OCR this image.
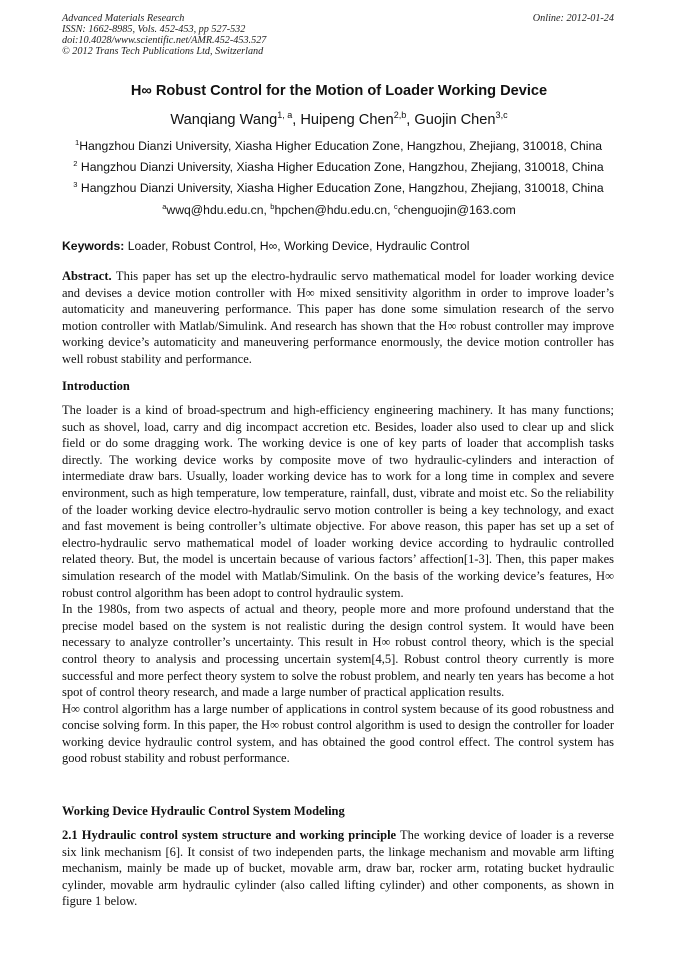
Advanced Materials Research
ISSN: 1662-8985, Vols. 452-453, pp 527-532
doi:10.4028/www.scientific.net/AMR.452-453.527
© 2012 Trans Tech Publications Ltd, Switzerland
Online: 2012-01-24
H∞ Robust Control for the Motion of Loader Working Device
Wanqiang Wang$^{1, a}$, Huipeng Chen$^{2,b}$, Guojin Chen$^{3,c}$
$^1$Hangzhou Dianzi University, Xiasha Higher Education Zone, Hangzhou, Zhejiang, 310018, China
$^2$ Hangzhou Dianzi University, Xiasha Higher Education Zone, Hangzhou, Zhejiang, 310018, China
$^3$ Hangzhou Dianzi University, Xiasha Higher Education Zone, Hangzhou, Zhejiang, 310018, China
$^a$wwq@hdu.edu.cn, $^b$hpchen@hdu.edu.cn, $^c$chenguojin@163.com
Keywords: Loader, Robust Control, H∞, Working Device, Hydraulic Control

Abstract. This paper has set up the electro-hydraulic servo mathematical model for loader working device and devises a device motion controller with H∞ mixed sensitivity algorithm in order to improve loader’s automaticity and maneuvering performance. This paper has done some simulation research of the servo motion controller with Matlab/Simulink. And research has shown that the H∞ robust controller may improve working device’s automaticity and maneuvering performance enormously, the device motion controller has well robust stability and performance.

Introduction

The loader is a kind of broad-spectrum and high-efficiency engineering machinery. It has many functions; such as shovel, load, carry and dig incompact accretion etc. Besides, loader also used to clear up and slick field or do some dragging work. The working device is one of key parts of loader that accomplish tasks directly. The working device works by composite move of two hydraulic-cylinders and interaction of intermediate draw bars. Usually, loader working device has to work for a long time in complex and severe environment, such as high temperature, low temperature, rainfall, dust, vibrate and moist etc. So the reliability of the loader working device electro-hydraulic servo motion controller is being a key technology, and exact and fast movement is being controller’s ultimate objective. For above reason, this paper has set up a set of electro-hydraulic servo mathematical model of loader working device according to hydraulic controlled related theory. But, the model is uncertain because of various factors’ affection[1-3]. Then, this paper makes simulation research of the model with Matlab/Simulink. On the basis of the working device’s features, H∞ robust control algorithm has been adopt to control hydraulic system.

In the 1980s, from two aspects of actual and theory, people more and more profound understand that the precise model based on the system is not realistic during the design control system. It would have been necessary to analyze controller’s uncertainty. This result in H∞ robust control theory, which is the special control theory to analysis and processing uncertain system[4,5]. Robust control theory currently is more successful and more perfect theory system to solve the robust problem, and nearly ten years has become a hot spot of control theory research, and made a large number of practical application results.

H∞ control algorithm has a large number of applications in control system because of its good robustness and concise solving form. In this paper, the H∞ robust control algorithm is used to design the controller for loader working device hydraulic control system, and has obtained the good control effect. The control system has good robust stability and robust performance.

Working Device Hydraulic Control System Modeling

2.1 Hydraulic control system structure and working principle The working device of loader is a reverse six link mechanism [6]. It consist of two independen parts, the linkage mechanism and movable arm lifting mechanism, mainly be made up of bucket, movable arm, draw bar, rocker arm, rotating bucket hydraulic cylinder, movable arm hydraulic cylinder (also called lifting cylinder) and other components, as shown in figure 1 below.
